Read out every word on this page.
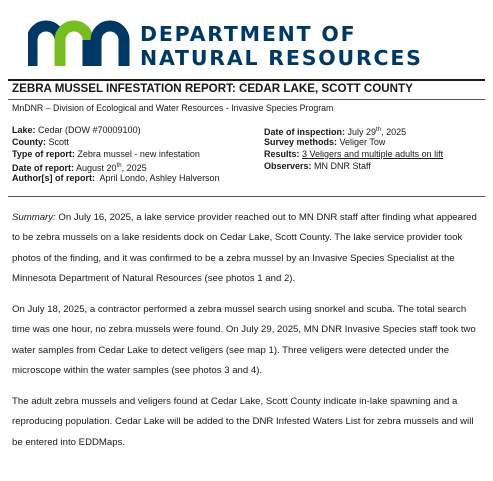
DEPARTMENT OF
NATURAL RESOURCES
ZEBRA MUSSEL INFESTATION REPORT: CEDAR LAKE, SCOTT COUNTY
MnDNR – Division of Ecological and Water Resources - Invasive Species Program
Lake: Cedar (DOW #70009100)
County: Scott
Type of report: Zebra mussel - new infestation
Date of report: August 20th, 2025
Author[s] of report:  April Londo, Ashley Halverson
Date of inspection: July 29th, 2025
Survey methods: Veliger Tow
Results: 3 Veligers and multiple adults on lift
Observers: MN DNR Staff
Summary: On July 16, 2025, a lake service provider reached out to MN DNR staff after finding what appeared to be zebra mussels on a lake residents dock on Cedar Lake, Scott County. The lake service provider took photos of the finding, and it was confirmed to be a zebra mussel by an Invasive Species Specialist at the Minnesota Department of Natural Resources (see photos 1 and 2).
On July 18, 2025, a contractor performed a zebra mussel search using snorkel and scuba. The total search time was one hour, no zebra mussels were found. On July 29, 2025, MN DNR Invasive Species staff took two water samples from Cedar Lake to detect veligers (see map 1). Three veligers were detected under the microscope within the water samples (see photos 3 and 4).
The adult zebra mussels and veligers found at Cedar Lake, Scott County indicate in-lake spawning and a reproducing population. Cedar Lake will be added to the DNR Infested Waters List for zebra mussels and will be entered into EDDMaps.
